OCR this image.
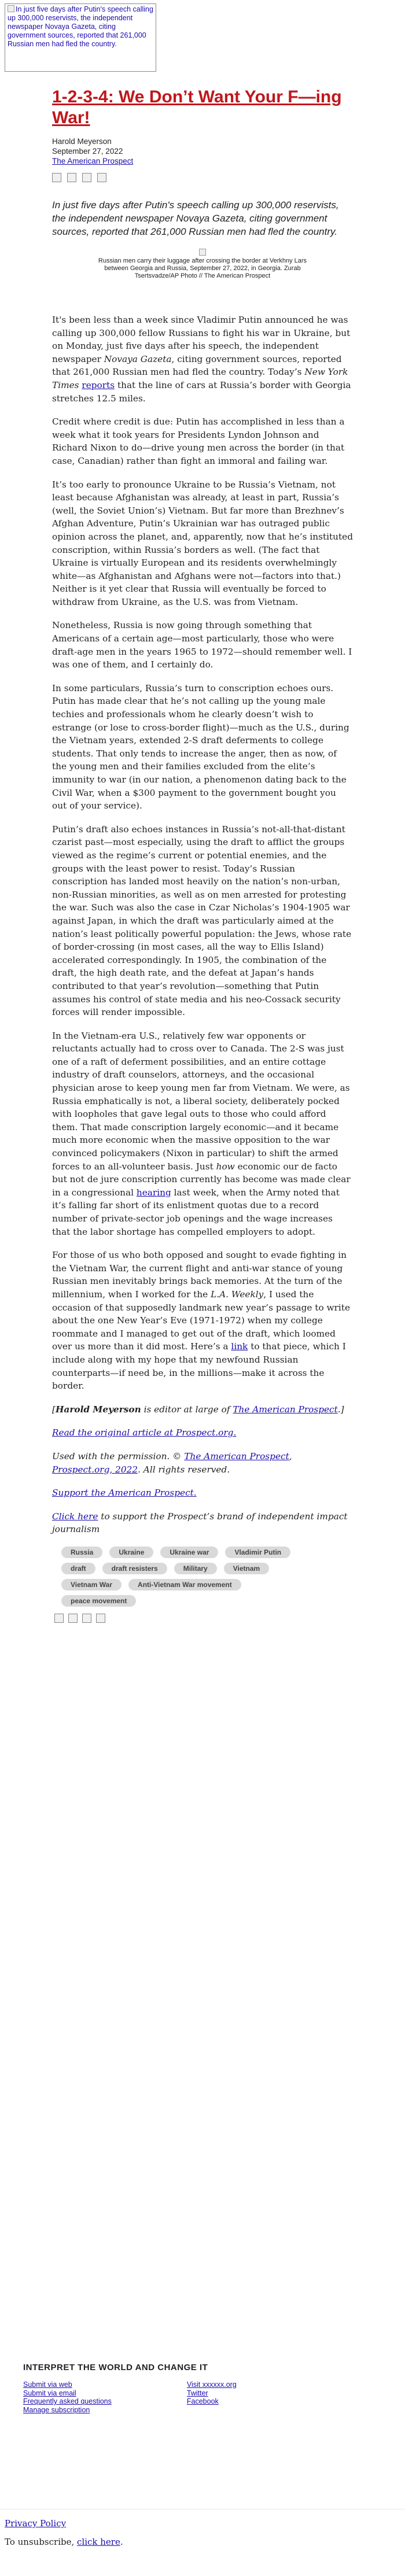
In just five days after Putin's speech calling up 300,000 reservists, the independent newspaper Novaya Gazeta, citing government sources, reported that 261,000 Russian men had fled the country.
1-2-3-4: We Don’t Want Your F—ing War!
Harold Meyerson
September 27, 2022
The American Prospect
In just five days after Putin's speech calling up 300,000 reservists, the independent newspaper Novaya Gazeta, citing government sources, reported that 261,000 Russian men had fled the country.

Russian men carry their luggage after crossing the border at Verkhny Lars between Georgia and Russia, September 27, 2022, in Georgia. Zurab Tsertsvadze/AP Photo // The American Prospect

It's been less than a week since Vladimir Putin announced he was calling up 300,000 fellow Russians to fight his war in Ukraine, but on Monday, just five days after his speech, the independent newspaper Novaya Gazeta, citing government sources, reported that 261,000 Russian men had fled the country. Today’s New York Times reports that the line of cars at Russia’s border with Georgia stretches 12.5 miles.

Credit where credit is due: Putin has accomplished in less than a week what it took years for Presidents Lyndon Johnson and Richard Nixon to do—drive young men across the border (in that case, Canadian) rather than fight an immoral and failing war.

It’s too early to pronounce Ukraine to be Russia’s Vietnam, not least because Afghanistan was already, at least in part, Russia’s (well, the Soviet Union’s) Vietnam. But far more than Brezhnev’s Afghan Adventure, Putin’s Ukrainian war has outraged public opinion across the planet, and, apparently, now that he’s instituted conscription, within Russia’s borders as well. (The fact that Ukraine is virtually European and its residents overwhelmingly white—as Afghanistan and Afghans were not—factors into that.) Neither is it yet clear that Russia will eventually be forced to withdraw from Ukraine, as the U.S. was from Vietnam.

Nonetheless, Russia is now going through something that Americans of a certain age—most particularly, those who were draft-age men in the years 1965 to 1972—should remember well. I was one of them, and I certainly do.

In some particulars, Russia’s turn to conscription echoes ours. Putin has made clear that he’s not calling up the young male techies and professionals whom he clearly doesn’t wish to estrange (or lose to cross-border flight)—much as the U.S., during the Vietnam years, extended 2-S draft deferments to college students. That only tends to increase the anger, then as now, of the young men and their families excluded from the elite’s immunity to war (in our nation, a phenomenon dating back to the Civil War, when a $300 payment to the government bought you out of your service).

Putin’s draft also echoes instances in Russia’s not-all-that-distant czarist past—most especially, using the draft to afflict the groups viewed as the regime’s current or potential enemies, and the groups with the least power to resist. Today’s Russian conscription has landed most heavily on the nation’s non-urban, non-Russian minorities, as well as on men arrested for protesting the war. Such was also the case in Czar Nicholas’s 1904-1905 war against Japan, in which the draft was particularly aimed at the nation’s least politically powerful population: the Jews, whose rate of border-crossing (in most cases, all the way to Ellis Island) accelerated correspondingly. In 1905, the combination of the draft, the high death rate, and the defeat at Japan’s hands contributed to that year’s revolution—something that Putin assumes his control of state media and his neo-Cossack security forces will render impossible.

In the Vietnam-era U.S., relatively few war opponents or reluctants actually had to cross over to Canada. The 2-S was just one of a raft of deferment possibilities, and an entire cottage industry of draft counselors, attorneys, and the occasional physician arose to keep young men far from Vietnam. We were, as Russia emphatically is not, a liberal society, deliberately pocked with loopholes that gave legal outs to those who could afford them. That made conscription largely economic—and it became much more economic when the massive opposition to the war convinced policymakers (Nixon in particular) to shift the armed forces to an all-volunteer basis. Just how economic our de facto but not de jure conscription currently has become was made clear in a congressional hearing last week, when the Army noted that it’s falling far short of its enlistment quotas due to a record number of private-sector job openings and the wage increases that the labor shortage has compelled employers to adopt.

For those of us who both opposed and sought to evade fighting in the Vietnam War, the current flight and anti-war stance of young Russian men inevitably brings back memories. At the turn of the millennium, when I worked for the L.A. Weekly, I used the occasion of that supposedly landmark new year’s passage to write about the one New Year’s Eve (1971-1972) when my college roommate and I managed to get out of the draft, which loomed over us more than it did most. Here’s a link to that piece, which I include along with my hope that my newfound Russian counterparts—if need be, in the millions—make it across the border.

[Harold Meyerson is editor at large of The American Prospect.]

Read the original article at Prospect.org.

Used with the permission. © The American Prospect, Prospect.org, 2022. All rights reserved.

Support the American Prospect.

Click here to support the Prospect’s brand of independent impact journalism

Russia	Ukraine	Ukraine war	Vladimir Putin
draft	draft resisters	Military	Vietnam
Vietnam War	Anti-Vietnam War movement
peace movement
INTERPRET THE WORLD AND CHANGE IT
Submit via web
Submit via email
Frequently asked questions
Manage subscription
Visit xxxxxx.org
Twitter
Facebook
Privacy Policy
To unsubscribe, click here.
